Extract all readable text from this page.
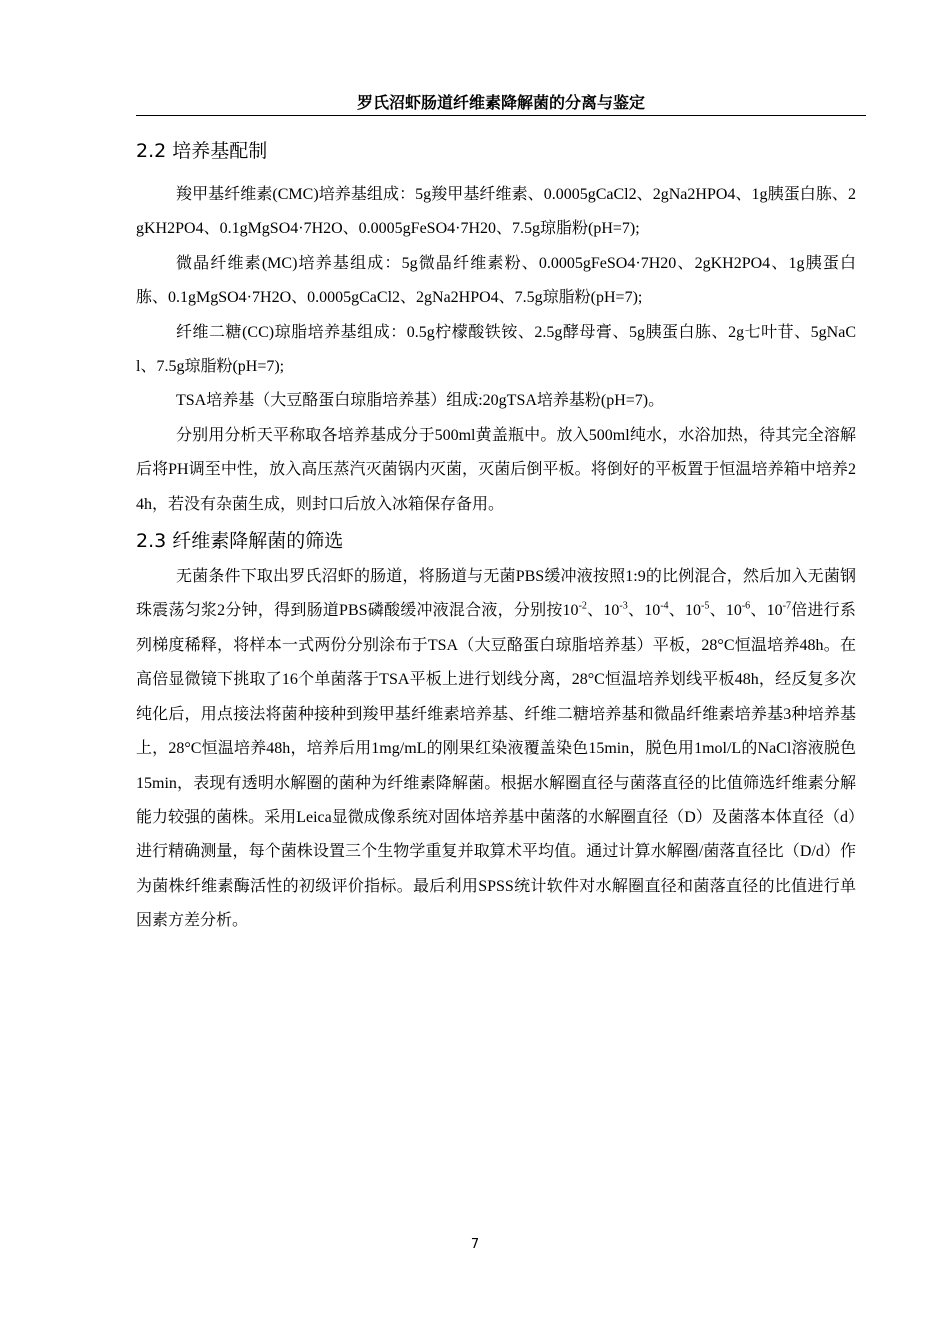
罗氏沼虾肠道纤维素降解菌的分离与鉴定
2.2 培养基配制

羧甲基纤维素(CMC)培养基组成：5g羧甲基纤维素、0.0005gCaCl2、2gNa2HPO4、1g胰蛋白胨、2gKH2PO4、0.1gMgSO4·7H2O、0.0005gFeSO4·7H20、7.5g琼脂粉(pH=7);

微晶纤维素(MC)培养基组成：5g微晶纤维素粉、0.0005gFeSO4·7H20、2gKH2PO4、1g胰蛋白胨、0.1gMgSO4·7H2O、0.0005gCaCl2、2gNa2HPO4、7.5g琼脂粉(pH=7);

纤维二糖(CC)琼脂培养基组成：0.5g柠檬酸铁铵、2.5g酵母膏、5g胰蛋白胨、2g七叶苷、5gNaCl、7.5g琼脂粉(pH=7);

TSA培养基（大豆酪蛋白琼脂培养基）组成:20gTSA培养基粉(pH=7)。

分别用分析天平称取各培养基成分于500ml黄盖瓶中。放入500ml纯水，水浴加热，待其完全溶解后将PH调至中性，放入高压蒸汽灭菌锅内灭菌，灭菌后倒平板。将倒好的平板置于恒温培养箱中培养24h，若没有杂菌生成，则封口后放入冰箱保存备用。

2.3 纤维素降解菌的筛选

无菌条件下取出罗氏沼虾的肠道，将肠道与无菌PBS缓冲液按照1:9的比例混合，然后加入无菌钢珠震荡匀浆2分钟，得到肠道PBS磷酸缓冲液混合液，分别按$10^{-2}$、$10^{-3}$、$10^{-4}$、$10^{-5}$、$10^{-6}$、$10^{-7}$倍进行系列梯度稀释，将样本一式两份分别涂布于TSA（大豆酪蛋白琼脂培养基）平板，28°C恒温培养48h。在高倍显微镜下挑取了16个单菌落于TSA平板上进行划线分离，28°C恒温培养划线平板48h，经反复多次纯化后，用点接法将菌种接种到羧甲基纤维素培养基、纤维二糖培养基和微晶纤维素培养基3种培养基上，28°C恒温培养48h，培养后用1mg/mL的刚果红染液覆盖染色15min，脱色用1mol/L的NaCl溶液脱色15min，表现有透明水解圈的菌种为纤维素降解菌。根据水解圈直径与菌落直径的比值筛选纤维素分解能力较强的菌株。采用Leica显微成像系统对固体培养基中菌落的水解圈直径（D）及菌落本体直径（d）进行精确测量，每个菌株设置三个生物学重复并取算术平均值。通过计算水解圈/菌落直径比（D/d）作为菌株纤维素酶活性的初级评价指标。最后利用SPSS统计软件对水解圈直径和菌落直径的比值进行单因素方差分析。

7
